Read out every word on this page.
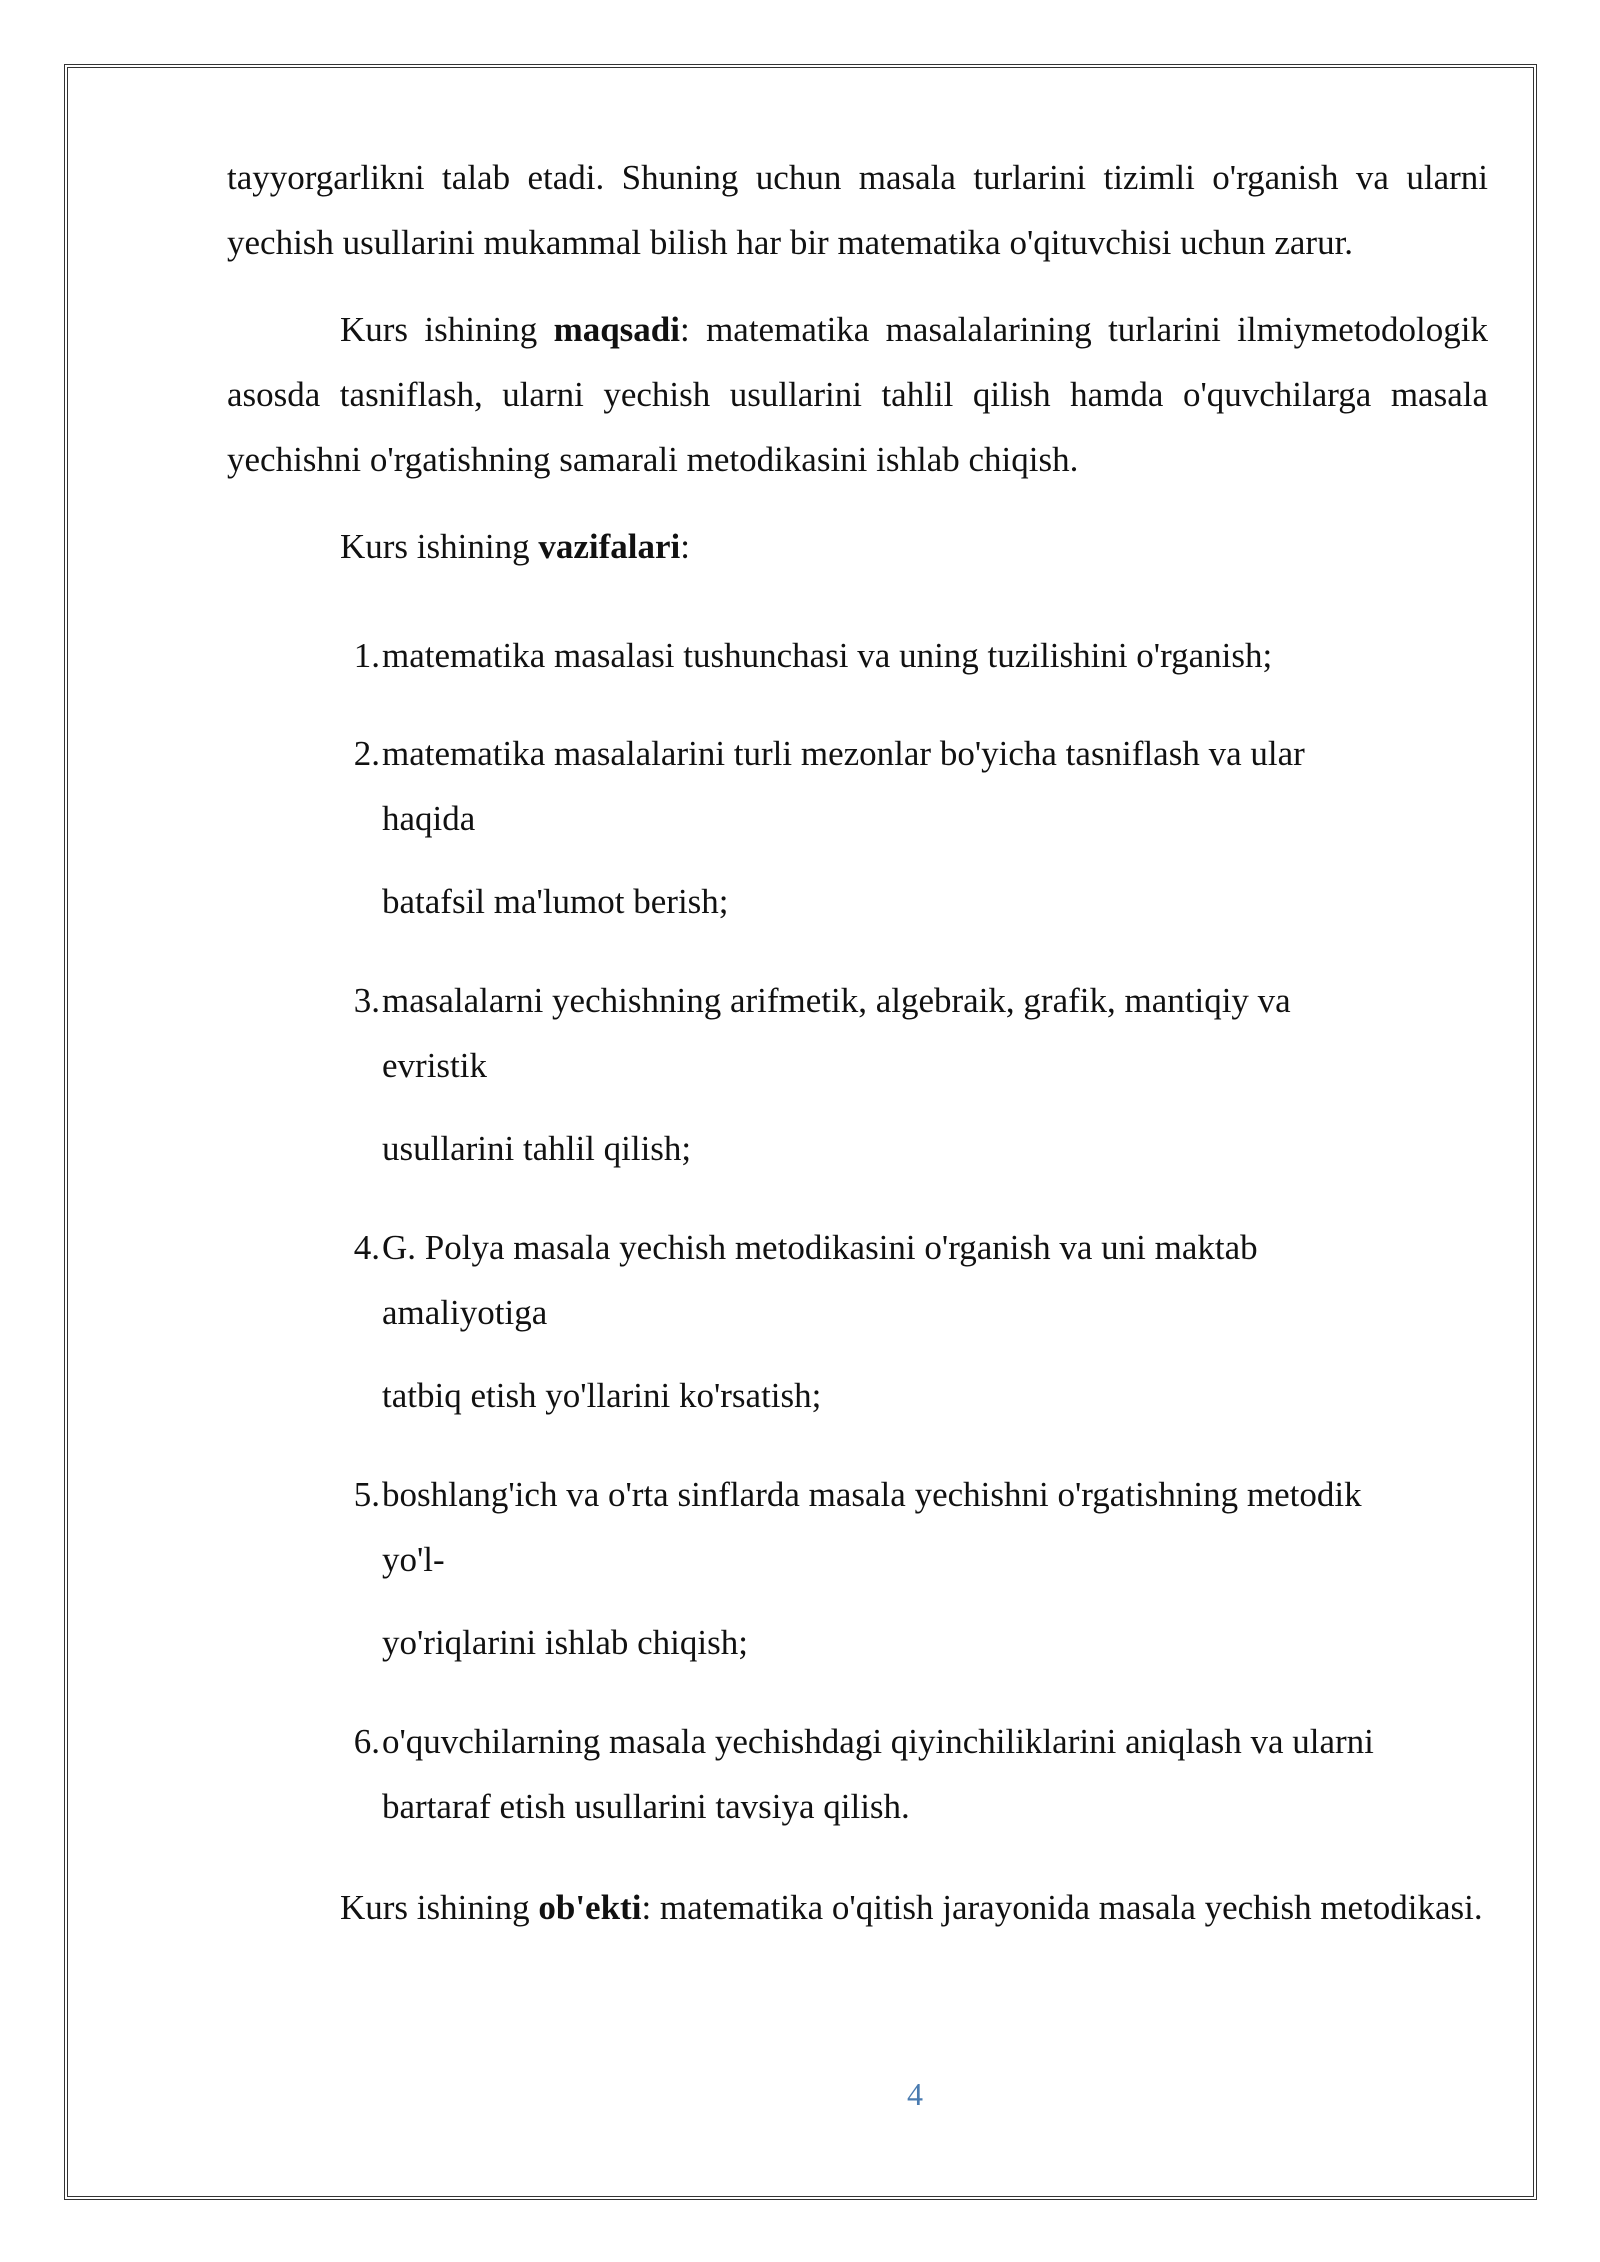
tayyorgarlikni talab etadi. Shuning uchun masala turlarini tizimli o'rganish va ularni

yechish usullarini mukammal bilish har bir matematika o'qituvchisi uchun zarur.

Kurs ishining maqsadi: matematika masalalarining turlarini ilmiymetodologik asosda tasniflash, ularni yechish usullarini tahlil qilish hamda o'quvchilarga masala yechishni o'rgatishning samarali metodikasini ishlab chiqish.

Kurs ishining vazifalari:

1. matematika masalasi tushunchasi va uning tuzilishini o'rganish;
2. matematika masalalarini turli mezonlar bo'yicha tasniflash va ular
haqida
batafsil ma'lumot berish;
3. masalalarni yechishning arifmetik, algebraik, grafik, mantiqiy va
evristik
usullarini tahlil qilish;
4. G. Polya masala yechish metodikasini o'rganish va uni maktab
amaliyotiga
tatbiq etish yo'llarini ko'rsatish;
5. boshlang'ich va o'rta sinflarda masala yechishni o'rgatishning metodik
yo'l-
yo'riqlarini ishlab chiqish;
6. o'quvchilarning masala yechishdagi qiyinchiliklarini aniqlash va ularni
bartaraf etish usullarini tavsiya qilish.

Kurs ishining ob'ekti: matematika o'qitish jarayonida masala yechish metodikasi.

4
